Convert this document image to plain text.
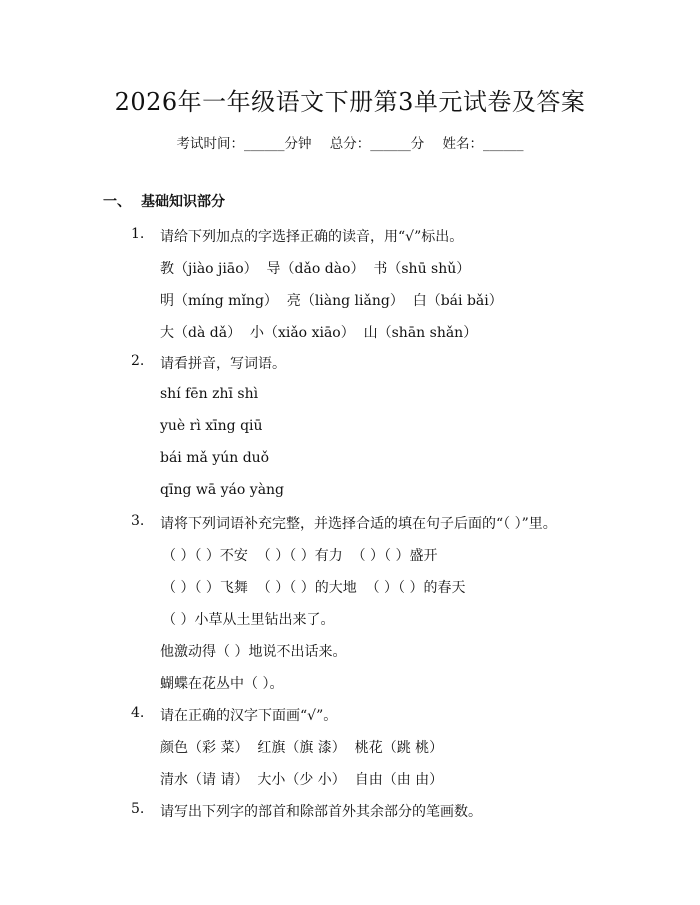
2026年一年级语文下册第3单元试卷及答案
考试时间：______分钟 总分：______分 姓名：______
一、 基础知识部分
1. 请给下列加点的字选择正确的读音，用“√”标出。
教（jiào jiāo）  导（dǎo dào）  书（shū shǔ）
明（míng mǐng）  亮（liàng liǎng）  白（bái bǎi）
大（dà dǎ）  小（xiǎo xiāo）  山（shān shǎn）
2. 请看拼音，写词语。
shí fēn zhī shì
yuè rì xīng qiū
bái mǎ yún duǒ
qīng wā yáo yàng
3. 请将下列词语补充完整，并选择合适的填在句子后面的“（ ）”里。
（ ）（ ）不安  （ ）（ ）有力  （ ）（ ）盛开
（ ）（ ）飞舞  （ ）（ ）的大地  （ ）（ ）的春天
（ ）小草从土里钻出来了。
他激动得（ ）地说不出话来。
蝴蝶在花丛中（ ）。
4. 请在正确的汉字下面画“√”。
颜色（彩 菜）  红旗（旗 漆）  桃花（跳 桃）
清水（请 请）  大小（少 小）  自由（由 由）
5. 请写出下列字的部首和除部首外其余部分的笔画数。
